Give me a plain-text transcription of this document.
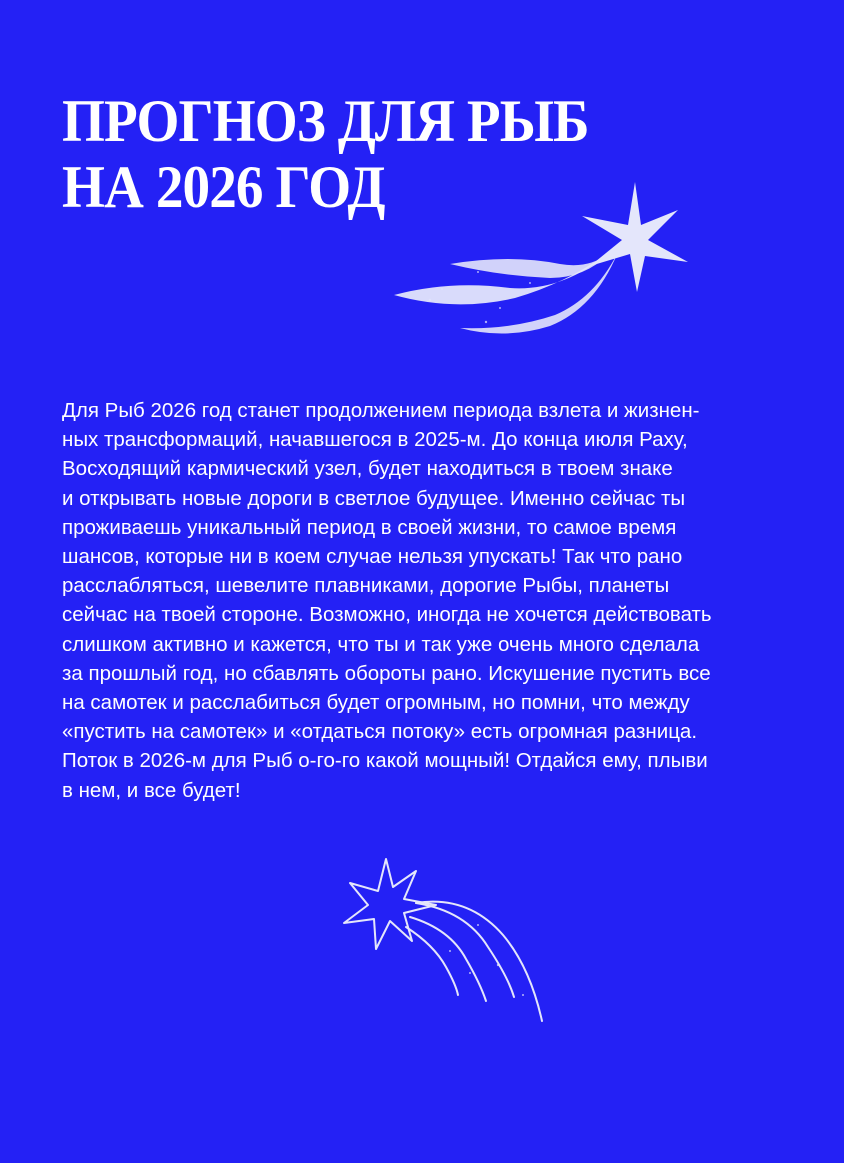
ПРОГНОЗ ДЛЯ РЫБ
НА 2026 ГОД
Для Рыб 2026 год станет продолжением периода взлета и жизнен-
ных трансформаций, начавшегося в 2025-м. До конца июля Раху,
Восходящий кармический узел, будет находиться в твоем знаке
и открывать новые дороги в светлое будущее. Именно сейчас ты
проживаешь уникальный период в своей жизни, то самое время
шансов, которые ни в коем случае нельзя упускать! Так что рано
расслабляться, шевелите плавниками, дорогие Рыбы, планеты
сейчас на твоей стороне. Возможно, иногда не хочется действовать
слишком активно и кажется, что ты и так уже очень много сделала
за прошлый год, но сбавлять обороты рано. Искушение пустить все
на самотек и расслабиться будет огромным, но помни, что между
«пустить на самотек» и «отдаться потоку» есть огромная разница.
Поток в 2026-м для Рыб о-го-го какой мощный! Отдайся ему, плыви
в нем, и все будет!
